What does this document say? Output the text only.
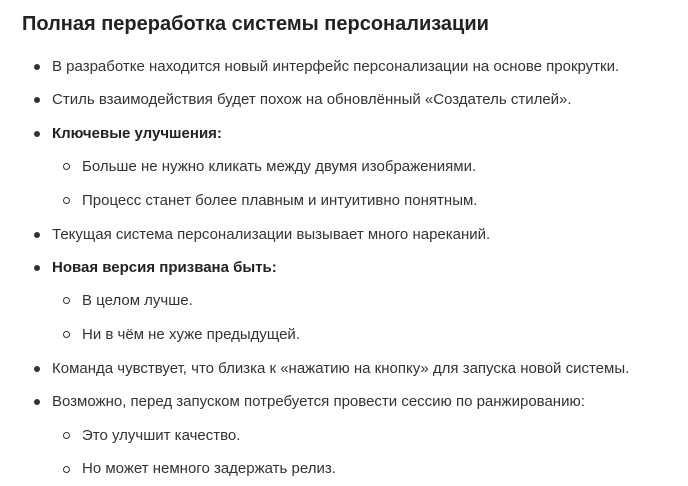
Полная переработка системы персонализации
В разработке находится новый интерфейс персонализации на основе прокрутки.
Стиль взаимодействия будет похож на обновлённый «Создатель стилей».
Ключевые улучшения:
Больше не нужно кликать между двумя изображениями.
Процесс станет более плавным и интуитивно понятным.
Текущая система персонализации вызывает много нареканий.
Новая версия призвана быть:
В целом лучше.
Ни в чём не хуже предыдущей.
Команда чувствует, что близка к «нажатию на кнопку» для запуска новой системы.
Возможно, перед запуском потребуется провести сессию по ранжированию:
Это улучшит качество.
Но может немного задержать релиз.
